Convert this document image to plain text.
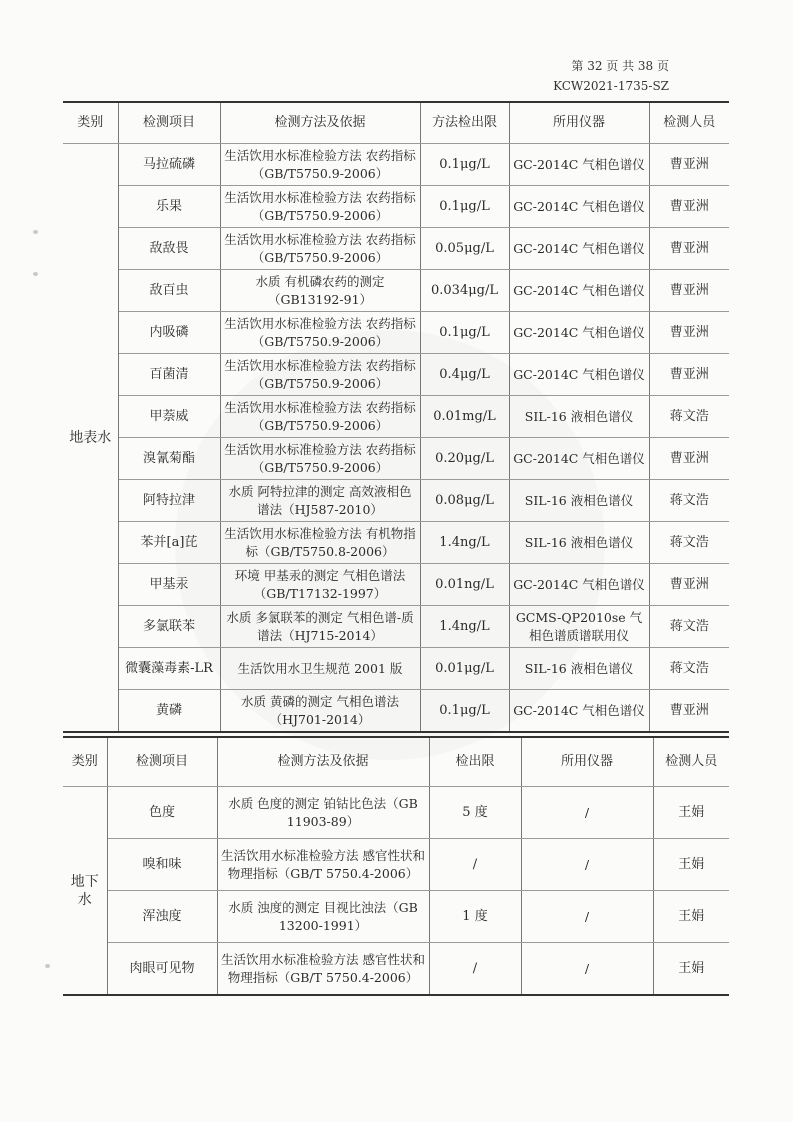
第 32 页 共 38 页
KCW2021-1735-SZ
类别	检测项目	检测方法及依据	方法检出限	所用仪器	检测人员
地表水	马拉硫磷	生活饮用水标准检验方法 农药指标（GB/T5750.9-2006）	0.1μg/L	GC-2014C 气相色谱仪	曹亚洲
	乐果	生活饮用水标准检验方法 农药指标（GB/T5750.9-2006）	0.1μg/L	GC-2014C 气相色谱仪	曹亚洲
	敌敌畏	生活饮用水标准检验方法 农药指标（GB/T5750.9-2006）	0.05μg/L	GC-2014C 气相色谱仪	曹亚洲
	敌百虫	水质 有机磷农药的测定（GB13192-91）	0.034μg/L	GC-2014C 气相色谱仪	曹亚洲
	内吸磷	生活饮用水标准检验方法 农药指标（GB/T5750.9-2006）	0.1μg/L	GC-2014C 气相色谱仪	曹亚洲
	百菌清	生活饮用水标准检验方法 农药指标（GB/T5750.9-2006）	0.4μg/L	GC-2014C 气相色谱仪	曹亚洲
	甲萘威	生活饮用水标准检验方法 农药指标（GB/T5750.9-2006）	0.01mg/L	SIL-16 液相色谱仪	蒋文浩
	溴氰菊酯	生活饮用水标准检验方法 农药指标（GB/T5750.9-2006）	0.20μg/L	GC-2014C 气相色谱仪	曹亚洲
	阿特拉津	水质 阿特拉津的测定 高效液相色谱法（HJ587-2010）	0.08μg/L	SIL-16 液相色谱仪	蒋文浩
	苯并[a]芘	生活饮用水标准检验方法 有机物指标（GB/T5750.8-2006）	1.4ng/L	SIL-16 液相色谱仪	蒋文浩
	甲基汞	环境 甲基汞的测定 气相色谱法（GB/T17132-1997）	0.01ng/L	GC-2014C 气相色谱仪	曹亚洲
	多氯联苯	水质 多氯联苯的测定 气相色谱-质谱法（HJ715-2014）	1.4ng/L	GCMS-QP2010se 气相色谱质谱联用仪	蒋文浩
	微囊藻毒素-LR	生活饮用水卫生规范 2001 版	0.01μg/L	SIL-16 液相色谱仪	蒋文浩
	黄磷	水质 黄磷的测定 气相色谱法（HJ701-2014）	0.1μg/L	GC-2014C 气相色谱仪	曹亚洲
类别	检测项目	检测方法及依据	检出限	所用仪器	检测人员
地下水	色度	水质 色度的测定 铂钴比色法（GB 11903-89）	5 度	/	王娟
	嗅和味	生活饮用水标准检验方法 感官性状和物理指标（GB/T 5750.4-2006）	/	/	王娟
	浑浊度	水质 浊度的测定 目视比浊法（GB 13200-1991）	1 度	/	王娟
	肉眼可见物	生活饮用水标准检验方法 感官性状和物理指标（GB/T 5750.4-2006）	/	/	王娟
